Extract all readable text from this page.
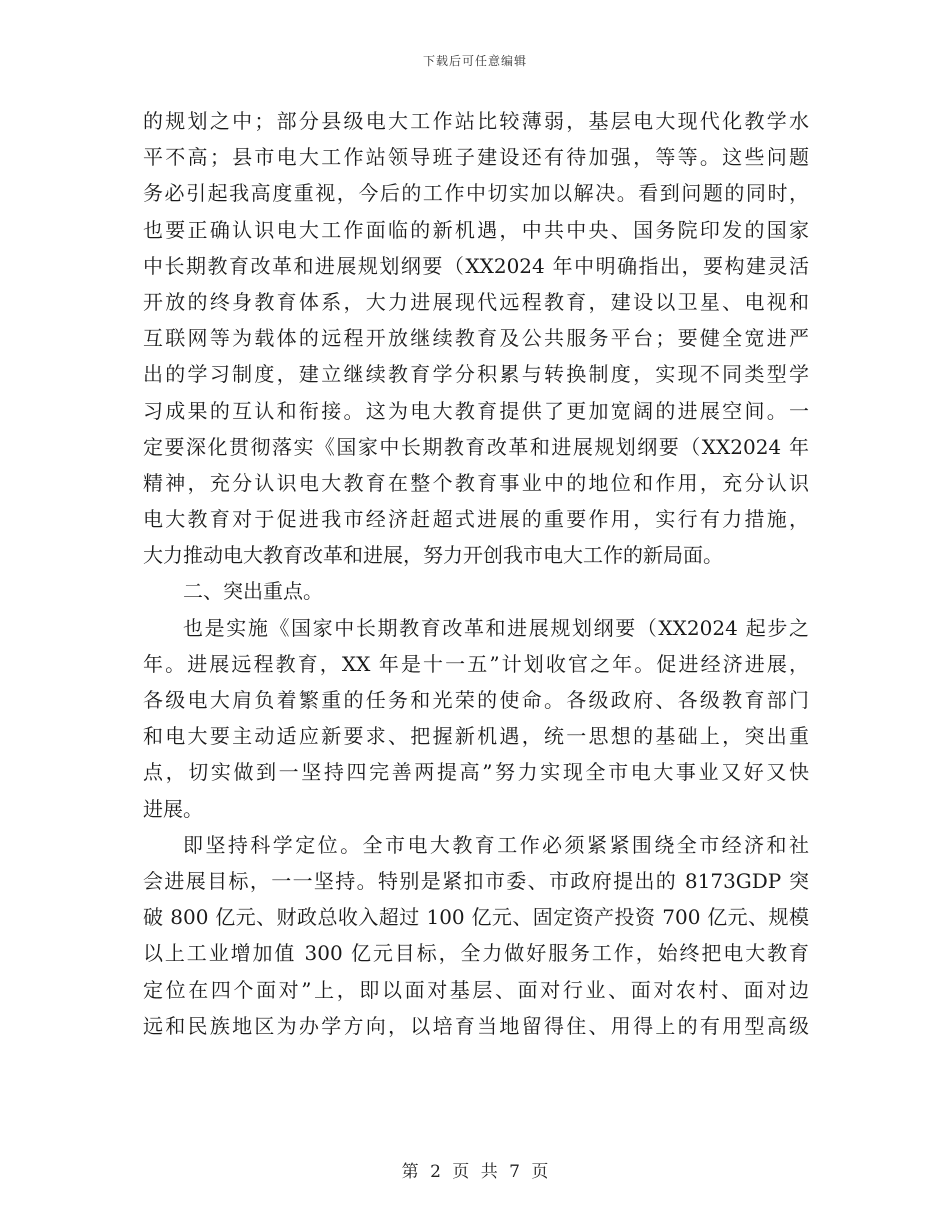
下载后可任意编辑
的规划之中；部分县级电大工作站比较薄弱，基层电大现代化教学水
平不高；县市电大工作站领导班子建设还有待加强，等等。这些问题
务必引起我高度重视，今后的工作中切实加以解决。看到问题的同时，
也要正确认识电大工作面临的新机遇，中共中央、国务院印发的国家
中长期教育改革和进展规划纲要（XX2024 年中明确指出，要构建灵活
开放的终身教育体系，大力进展现代远程教育，建设以卫星、电视和
互联网等为载体的远程开放继续教育及公共服务平台；要健全宽进严
出的学习制度，建立继续教育学分积累与转换制度，实现不同类型学
习成果的互认和衔接。这为电大教育提供了更加宽阔的进展空间。一
定要深化贯彻落实《国家中长期教育改革和进展规划纲要（XX2024 年
精神，充分认识电大教育在整个教育事业中的地位和作用，充分认识
电大教育对于促进我市经济赶超式进展的重要作用，实行有力措施，
大力推动电大教育改革和进展，努力开创我市电大工作的新局面。
二、突出重点。
也是实施《国家中长期教育改革和进展规划纲要（XX2024 起步之
年。进展远程教育，XX 年是十一五”计划收官之年。促进经济进展，
各级电大肩负着繁重的任务和光荣的使命。各级政府、各级教育部门
和电大要主动适应新要求、把握新机遇，统一思想的基础上，突出重
点，切实做到一坚持四完善两提高”努力实现全市电大事业又好又快
进展。
即坚持科学定位。全市电大教育工作必须紧紧围绕全市经济和社
会进展目标，一一坚持。特别是紧扣市委、市政府提出的 8173GDP 突
破 800 亿元、财政总收入超过 100 亿元、固定资产投资 700 亿元、规模
以上工业增加值 300 亿元目标，全力做好服务工作，始终把电大教育
定位在四个面对”上，即以面对基层、面对行业、面对农村、面对边
远和民族地区为办学方向，以培育当地留得住、用得上的有用型高级
第 2 页 共 7 页
